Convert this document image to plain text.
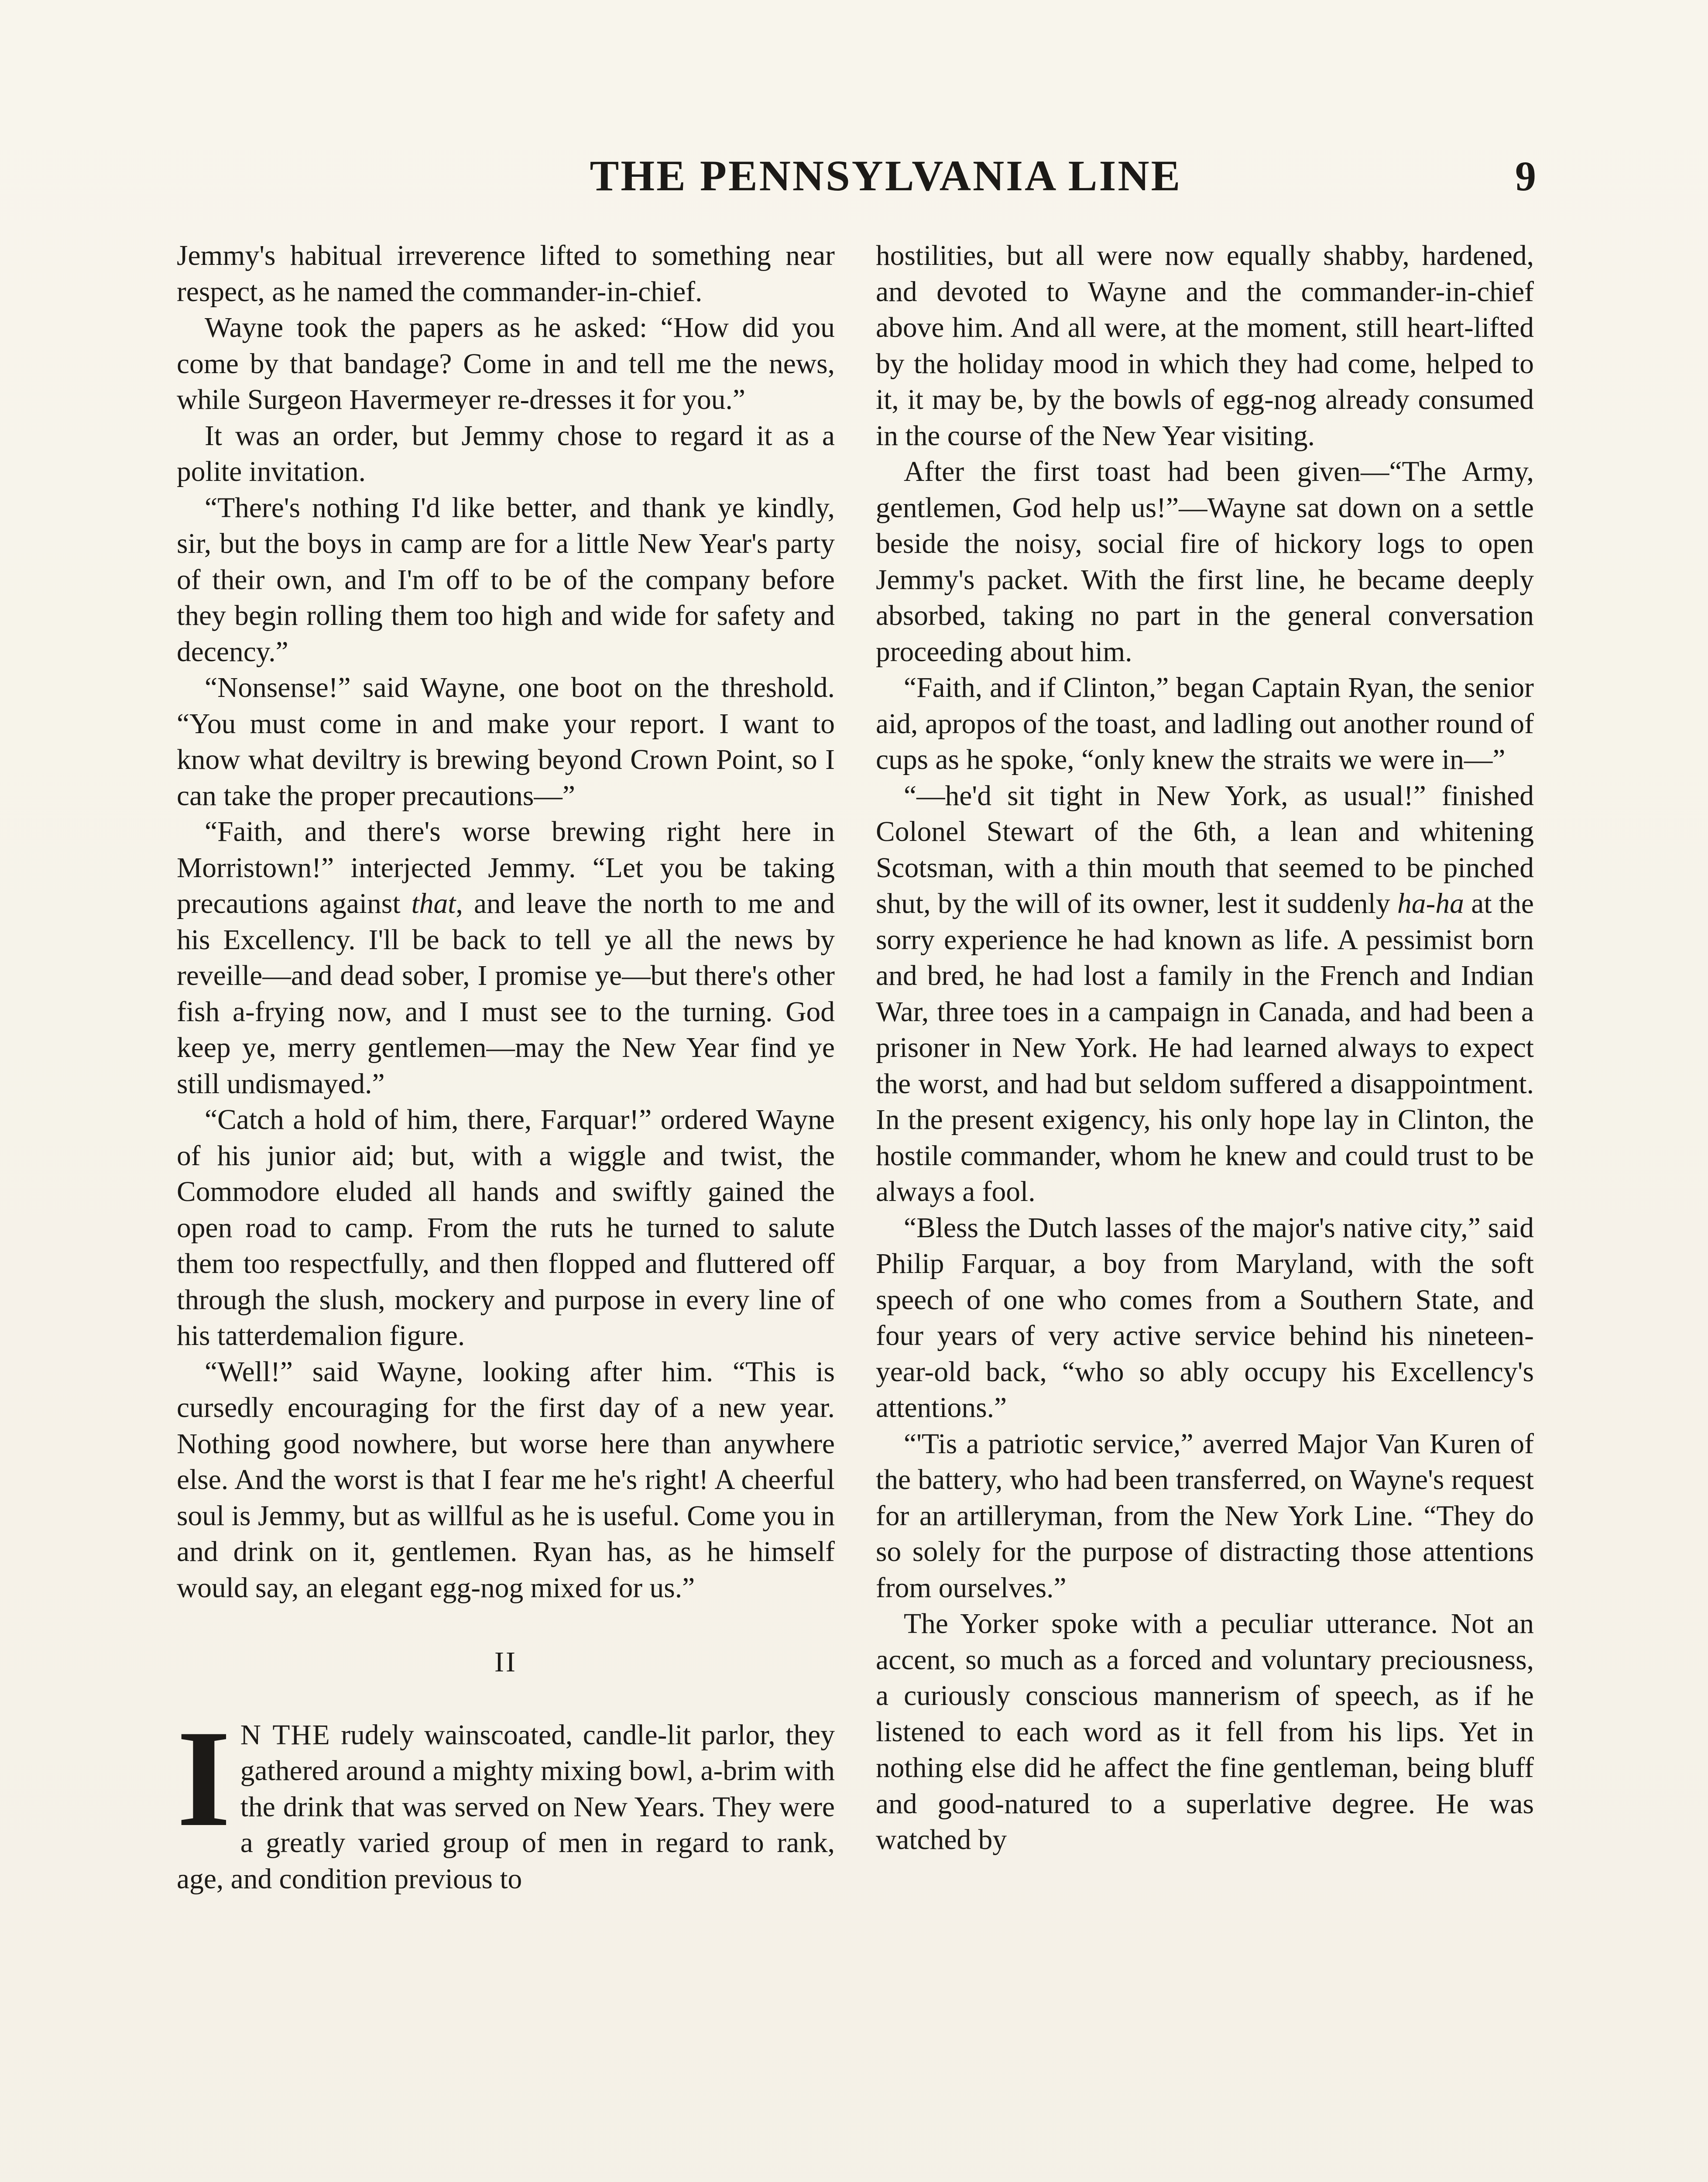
THE PENNSYLVANIA LINE	9

Jemmy's habitual irreverence lifted to something near respect, as he named the commander-in-chief.

Wayne took the papers as he asked: “How did you come by that bandage? Come in and tell me the news, while Surgeon Havermeyer re-dresses it for you.”

It was an order, but Jemmy chose to regard it as a polite invitation.

“There's nothing I'd like better, and thank ye kindly, sir, but the boys in camp are for a little New Year's party of their own, and I'm off to be of the company before they begin rolling them too high and wide for safety and decency.”

“Nonsense!” said Wayne, one boot on the threshold. “You must come in and make your report. I want to know what deviltry is brewing beyond Crown Point, so I can take the proper precautions—”

“Faith, and there's worse brewing right here in Morristown!” interjected Jemmy. “Let you be taking precautions against that, and leave the north to me and his Excellency. I'll be back to tell ye all the news by reveille—and dead sober, I promise ye—but there's other fish a-frying now, and I must see to the turning. God keep ye, merry gentlemen—may the New Year find ye still undismayed.”

“Catch a hold of him, there, Farquar!” ordered Wayne of his junior aid; but, with a wiggle and twist, the Commodore eluded all hands and swiftly gained the open road to camp. From the ruts he turned to salute them too respectfully, and then flopped and fluttered off through the slush, mockery and purpose in every line of his tatterdemalion figure.

“Well!” said Wayne, looking after him. “This is cursedly encouraging for the first day of a new year. Nothing good nowhere, but worse here than anywhere else. And the worst is that I fear me he's right! A cheerful soul is Jemmy, but as willful as he is useful. Come you in and drink on it, gentlemen. Ryan has, as he himself would say, an elegant egg-nog mixed for us.”

II

I N THE rudely wainscoated, candle-lit parlor, they gathered around a mighty mixing bowl, a-brim with the drink that was served on New Years. They were a greatly varied group of men in regard to rank, age, and condition previous to

hostilities, but all were now equally shabby, hardened, and devoted to Wayne and the commander-in-chief above him. And all were, at the moment, still heart-lifted by the holiday mood in which they had come, helped to it, it may be, by the bowls of egg-nog already consumed in the course of the New Year visiting.

After the first toast had been given—“The Army, gentlemen, God help us!”—Wayne sat down on a settle beside the noisy, social fire of hickory logs to open Jemmy's packet. With the first line, he became deeply absorbed, taking no part in the general conversation proceeding about him.

“Faith, and if Clinton,” began Captain Ryan, the senior aid, apropos of the toast, and ladling out another round of cups as he spoke, “only knew the straits we were in—”

“—he'd sit tight in New York, as usual!” finished Colonel Stewart of the 6th, a lean and whitening Scotsman, with a thin mouth that seemed to be pinched shut, by the will of its owner, lest it suddenly ha-ha at the sorry experience he had known as life. A pessimist born and bred, he had lost a family in the French and Indian War, three toes in a campaign in Canada, and had been a prisoner in New York. He had learned always to expect the worst, and had but seldom suffered a disappointment. In the present exigency, his only hope lay in Clinton, the hostile commander, whom he knew and could trust to be always a fool.

“Bless the Dutch lasses of the major's native city,” said Philip Farquar, a boy from Maryland, with the soft speech of one who comes from a Southern State, and four years of very active service behind his nineteen-year-old back, “who so ably occupy his Excellency's attentions.”

“'Tis a patriotic service,” averred Major Van Kuren of the battery, who had been transferred, on Wayne's request for an artilleryman, from the New York Line. “They do so solely for the purpose of distracting those attentions from ourselves.”

The Yorker spoke with a peculiar utterance. Not an accent, so much as a forced and voluntary preciousness, a curiously conscious mannerism of speech, as if he listened to each word as it fell from his lips. Yet in nothing else did he affect the fine gentleman, being bluff and good-natured to a superlative degree. He was watched by
